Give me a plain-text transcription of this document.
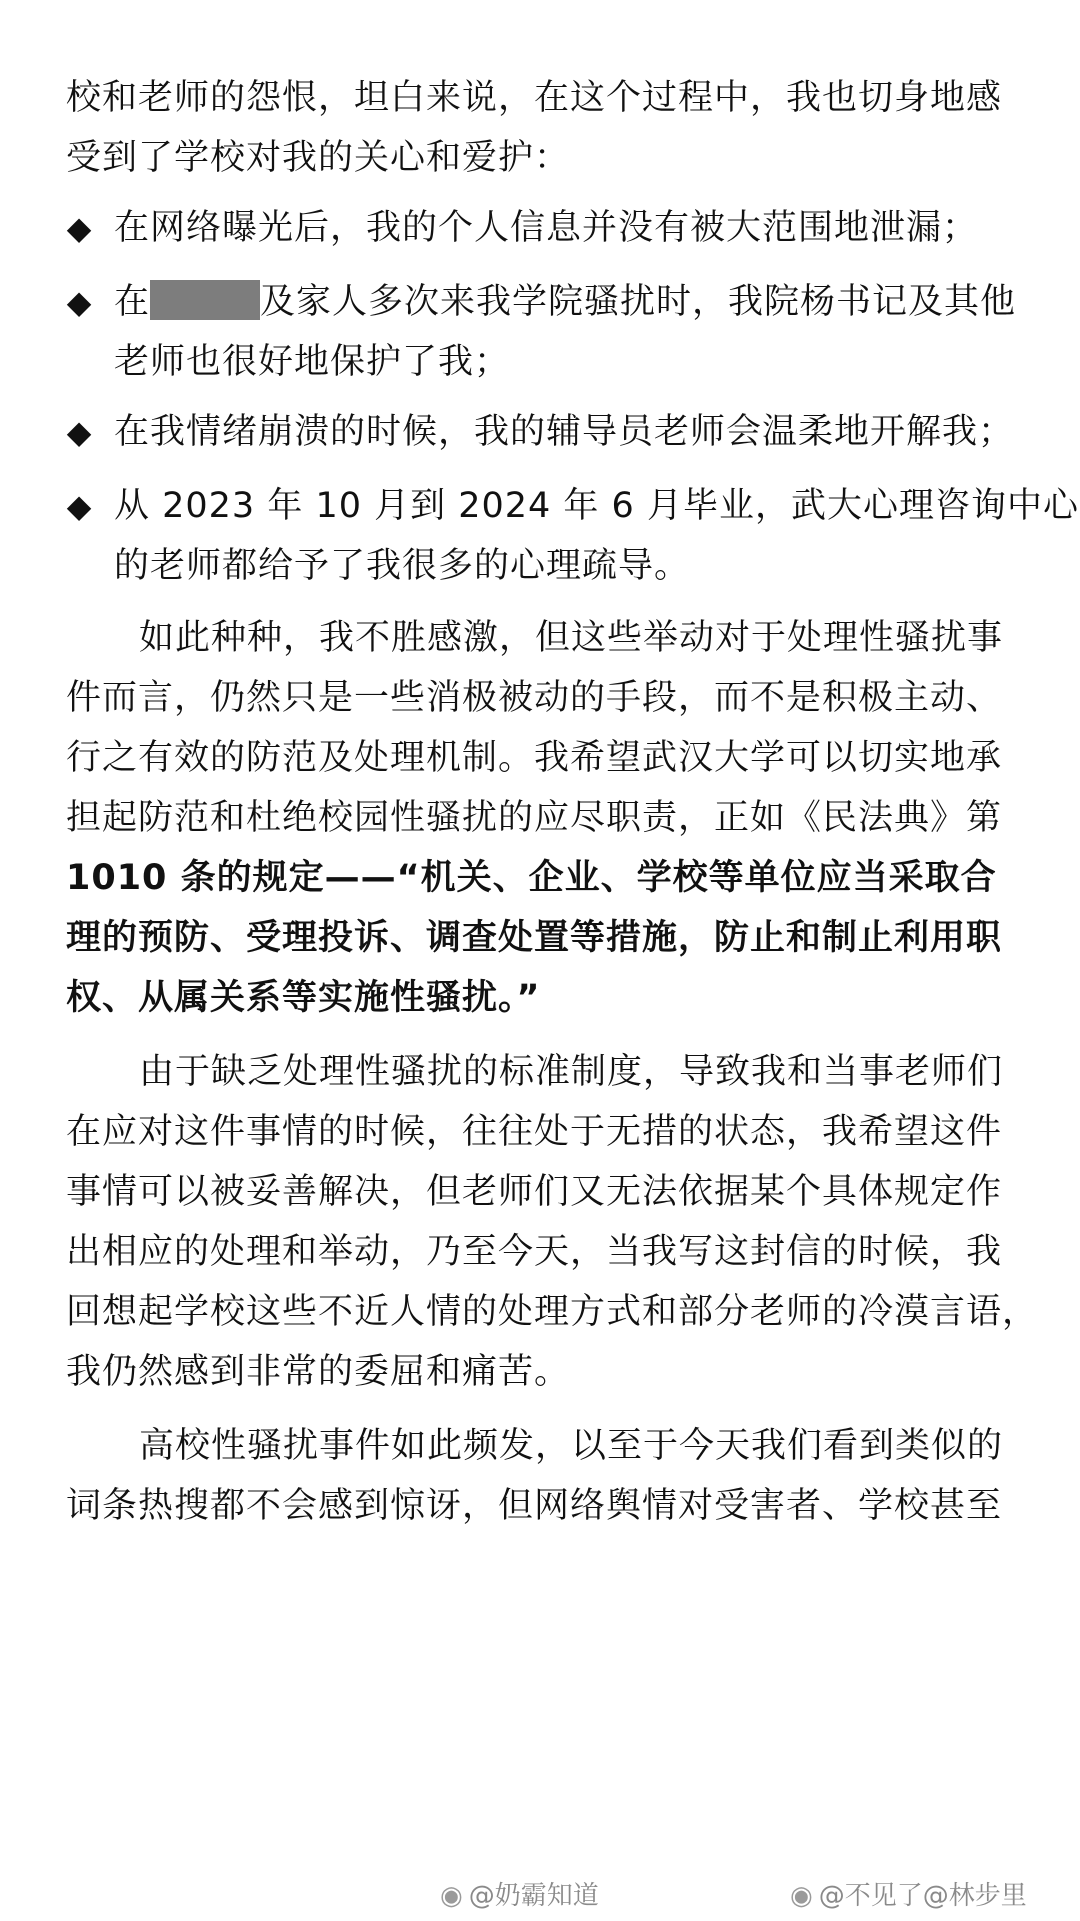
校和老师的怨恨，坦白来说，在这个过程中，我也切身地感
受到了学校对我的关心和爱护：
◆ 在网络曝光后，我的个人信息并没有被大范围地泄漏；
◆ 在	及家人多次来我学院骚扰时，我院杨书记及其他
老师也很好地保护了我；
◆ 在我情绪崩溃的时候，我的辅导员老师会温柔地开解我；
◆ 从 2023 年 10 月到 2024 年 6 月毕业，武大心理咨询中心
的老师都给予了我很多的心理疏导。
如此种种，我不胜感激，但这些举动对于处理性骚扰事
件而言，仍然只是一些消极被动的手段，而不是积极主动、
行之有效的防范及处理机制。我希望武汉大学可以切实地承
担起防范和杜绝校园性骚扰的应尽职责，正如《民法典》第
1010 条的规定——“机关、企业、学校等单位应当采取合
理的预防、受理投诉、调查处置等措施，防止和制止利用职
权、从属关系等实施性骚扰。”
由于缺乏处理性骚扰的标准制度，导致我和当事老师们
在应对这件事情的时候，往往处于无措的状态，我希望这件
事情可以被妥善解决，但老师们又无法依据某个具体规定作
出相应的处理和举动，乃至今天，当我写这封信的时候，我
回想起学校这些不近人情的处理方式和部分老师的冷漠言语，
我仍然感到非常的委屈和痛苦。
高校性骚扰事件如此频发，以至于今天我们看到类似的
词条热搜都不会感到惊讶，但网络舆情对受害者、学校甚至
◉ @奶霸知道	◉ @不见了@林步里
